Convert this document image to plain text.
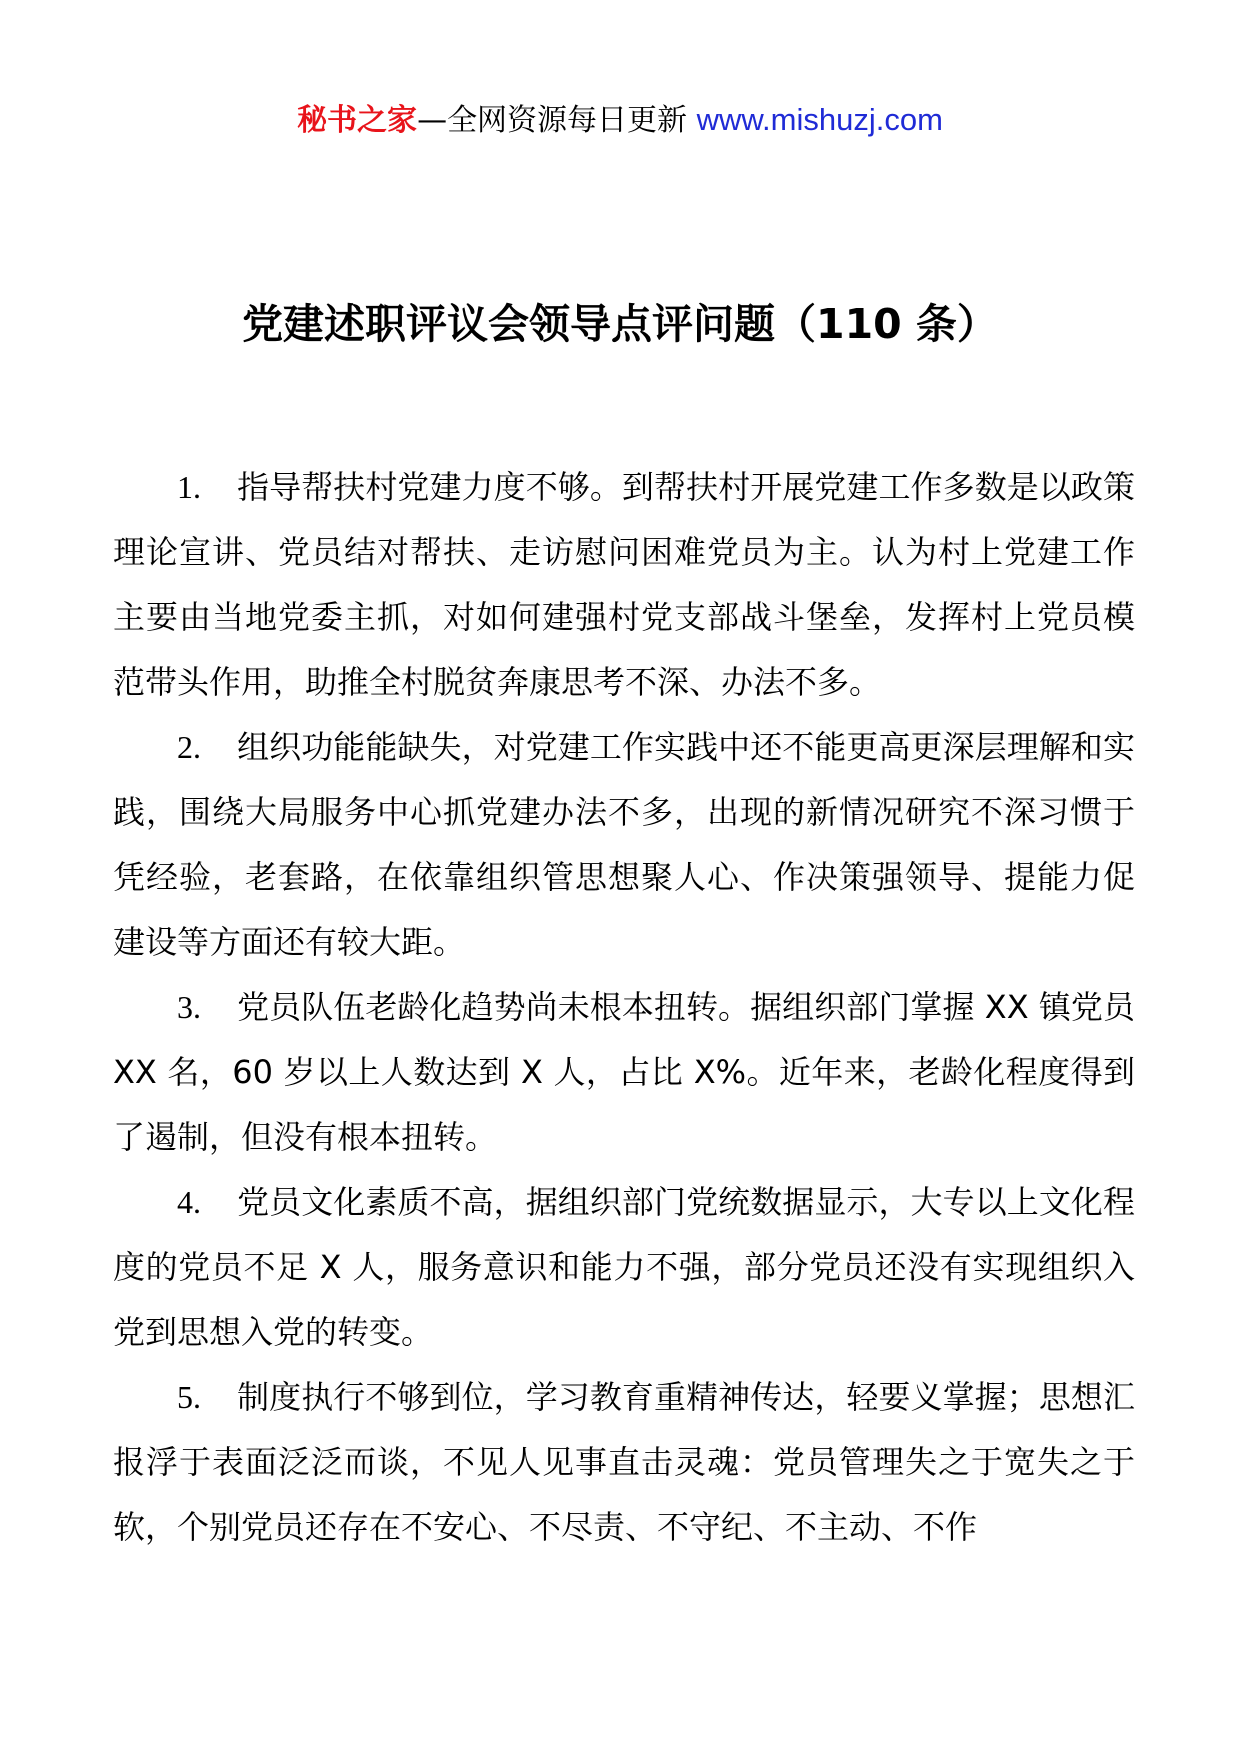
秘书之家—全网资源每日更新 www.mishuzj.com
党建述职评议会领导点评问题（110 条）

1. 指导帮扶村党建力度不够。到帮扶村开展党建工作多数是以政策理论宣讲、党员结对帮扶、走访慰问困难党员为主。认为村上党建工作主要由当地党委主抓，对如何建强村党支部战斗堡垒，发挥村上党员模范带头作用，助推全村脱贫奔康思考不深、办法不多。

2. 组织功能能缺失，对党建工作实践中还不能更高更深层理解和实践，围绕大局服务中心抓党建办法不多，出现的新情况研究不深习惯于凭经验，老套路，在依靠组织管思想聚人心、作决策强领导、提能力促建设等方面还有较大距。

3. 党员队伍老龄化趋势尚未根本扭转。据组织部门掌握 XX 镇党员 XX 名，60 岁以上人数达到 X 人，占比 X%。近年来，老龄化程度得到了遏制，但没有根本扭转。

4. 党员文化素质不高，据组织部门党统数据显示，大专以上文化程度的党员不足 X 人，服务意识和能力不强，部分党员还没有实现组织入党到思想入党的转变。

5. 制度执行不够到位，学习教育重精神传达，轻要义掌握；思想汇报浮于表面泛泛而谈，不见人见事直击灵魂：党员管理失之于宽失之于软，个别党员还存在不安心、不尽责、不守纪、不主动、不作
